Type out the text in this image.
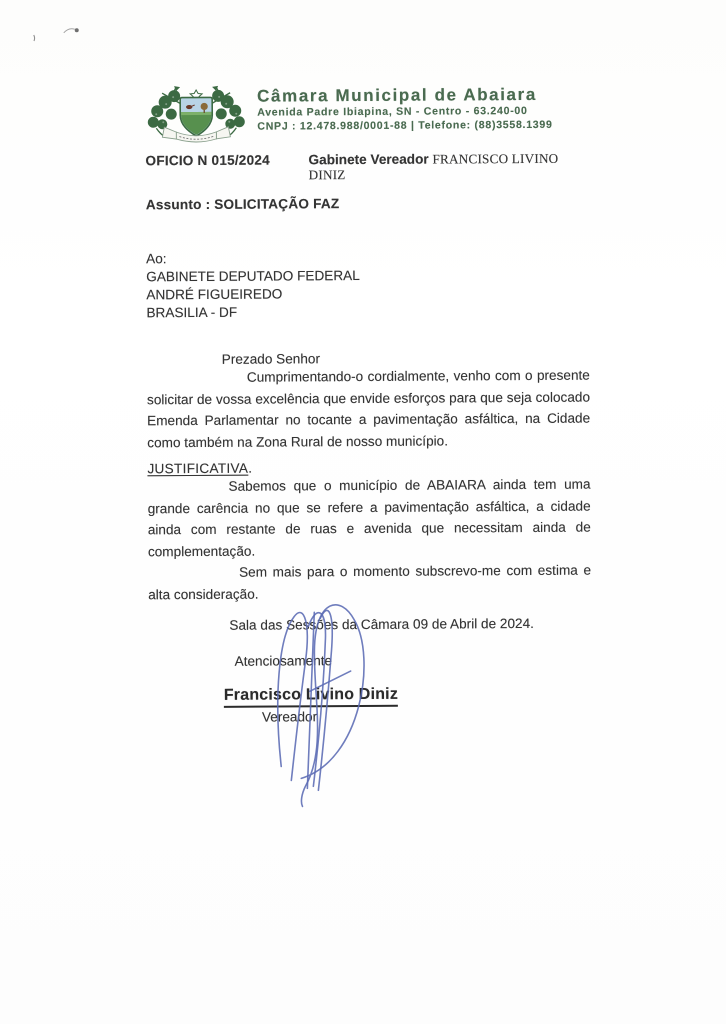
Câmara Municipal de Abaiara
Avenida Padre Ibiapina, SN - Centro - 63.240-00
CNPJ : 12.478.988/0001-88 | Telefone: (88)3558.1399
OFICIO N 015/2024	Gabinete Vereador FRANCISCO LIVINO DINIZ
Assunto : SOLICITAÇÃO FAZ
Ao:
GABINETE DEPUTADO FEDERAL
ANDRÉ FIGUEIREDO
BRASILIA - DF
Prezado Senhor

Cumprimentando-o cordialmente, venho com o presente solicitar de vossa excelência que envide esforços para que seja colocado Emenda Parlamentar no tocante a pavimentação asfáltica, na Cidade como também na Zona Rural de nosso município.

JUSTIFICATIVA.

Sabemos que o município de ABAIARA ainda tem uma grande carência no que se refere a pavimentação asfáltica, a cidade ainda com restante de ruas e avenida que necessitam ainda de complementação.

Sem mais para o momento subscrevo-me com estima e alta consideração.

Sala das Sessões da Câmara 09 de Abril de 2024.
Atenciosamente
Francisco Livino Diniz
Vereador
